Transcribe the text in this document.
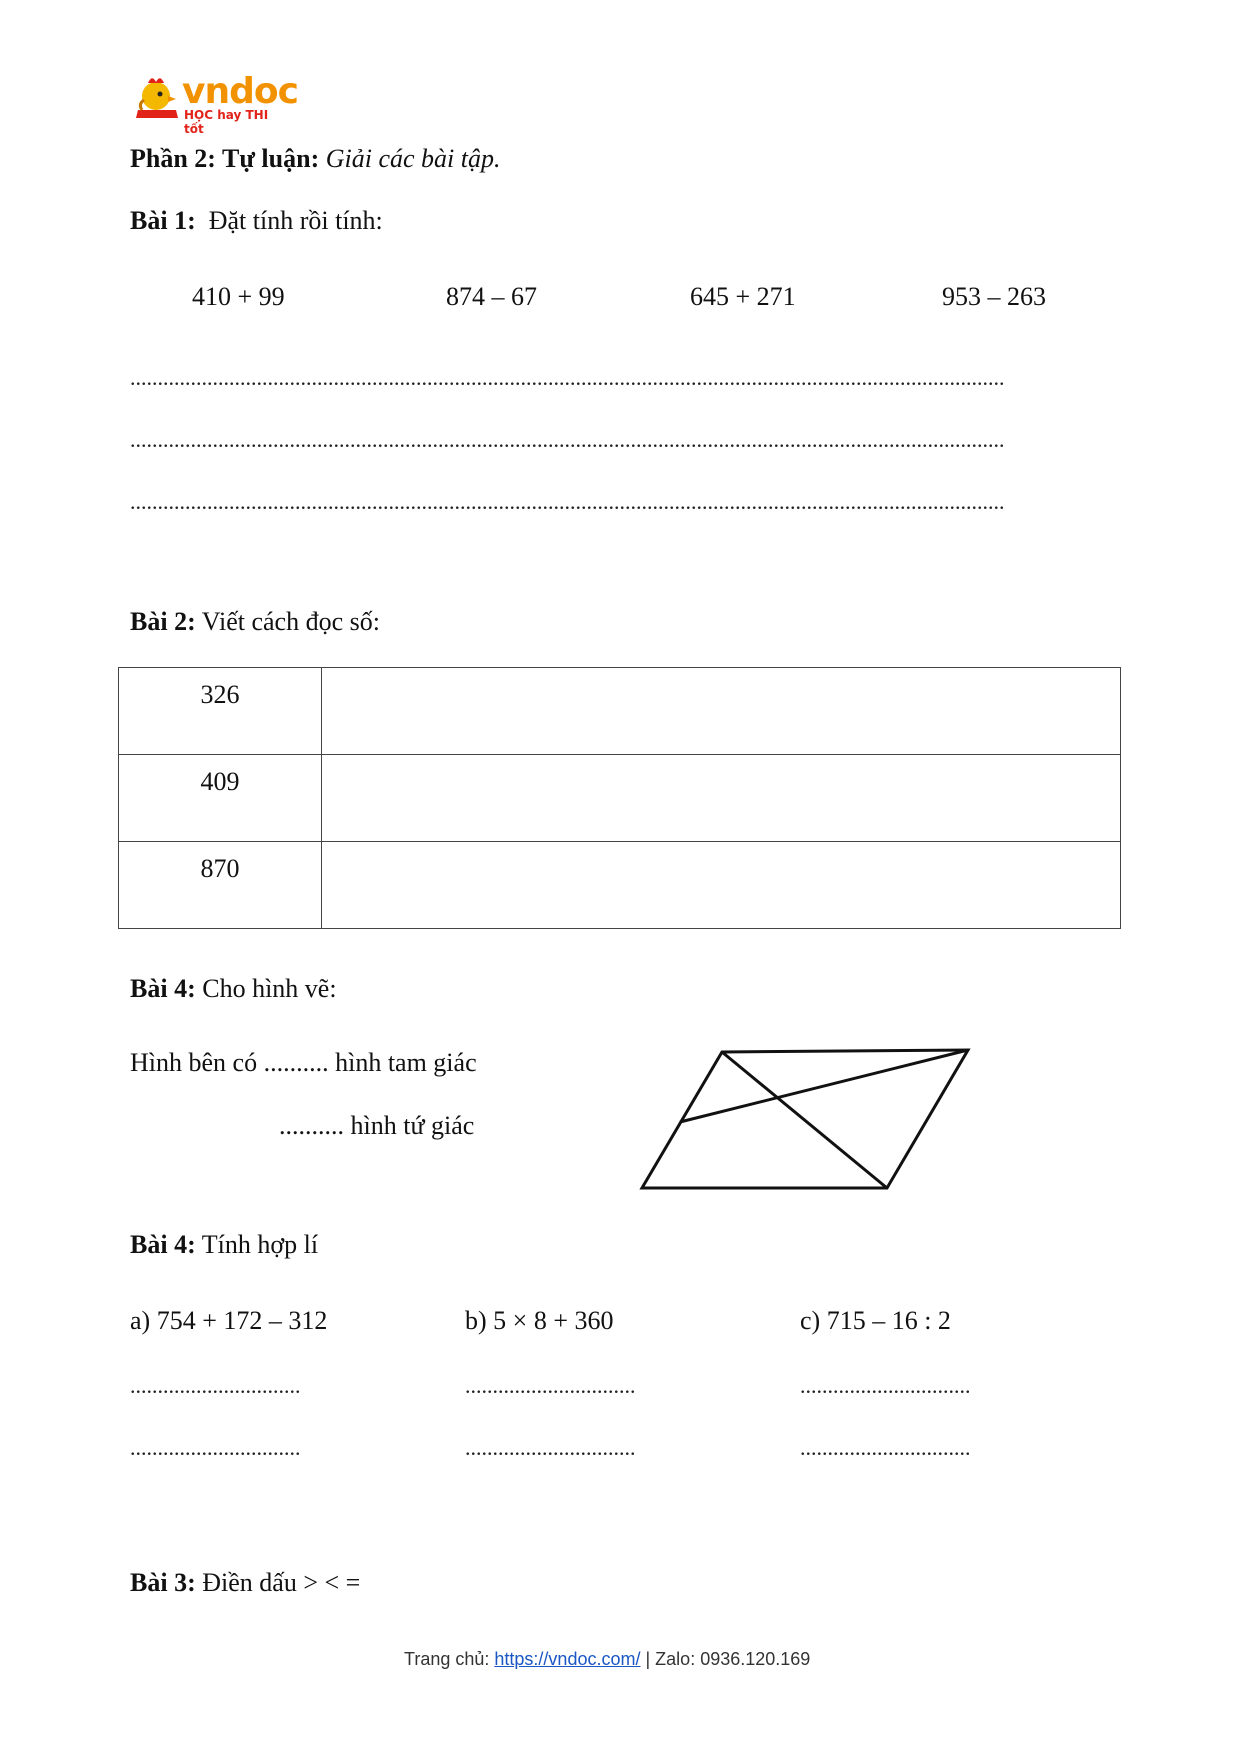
vndoc
HỌC hay THI tốt
Phần 2: Tự luận: Giải các bài tập.
Bài 1: Đặt tính rồi tính:
410 + 99	874 – 67	645 + 271	953 – 263
...............................................................................................................................................................
...............................................................................................................................................................
...............................................................................................................................................................
Bài 2: Viết cách đọc số:
326	
409	
870	
Bài 4: Cho hình vẽ:
Hình bên có .......... hình tam giác
.......... hình tứ giác
Bài 4: Tính hợp lí
a) 754 + 172 – 312	b) 5 × 8 + 360	c) 715 – 16 : 2
...............................	...............................	...............................
...............................	...............................	...............................
Bài 3: Điền dấu > < =
Trang chủ: https://vndoc.com/ | Zalo: 0936.120.169
